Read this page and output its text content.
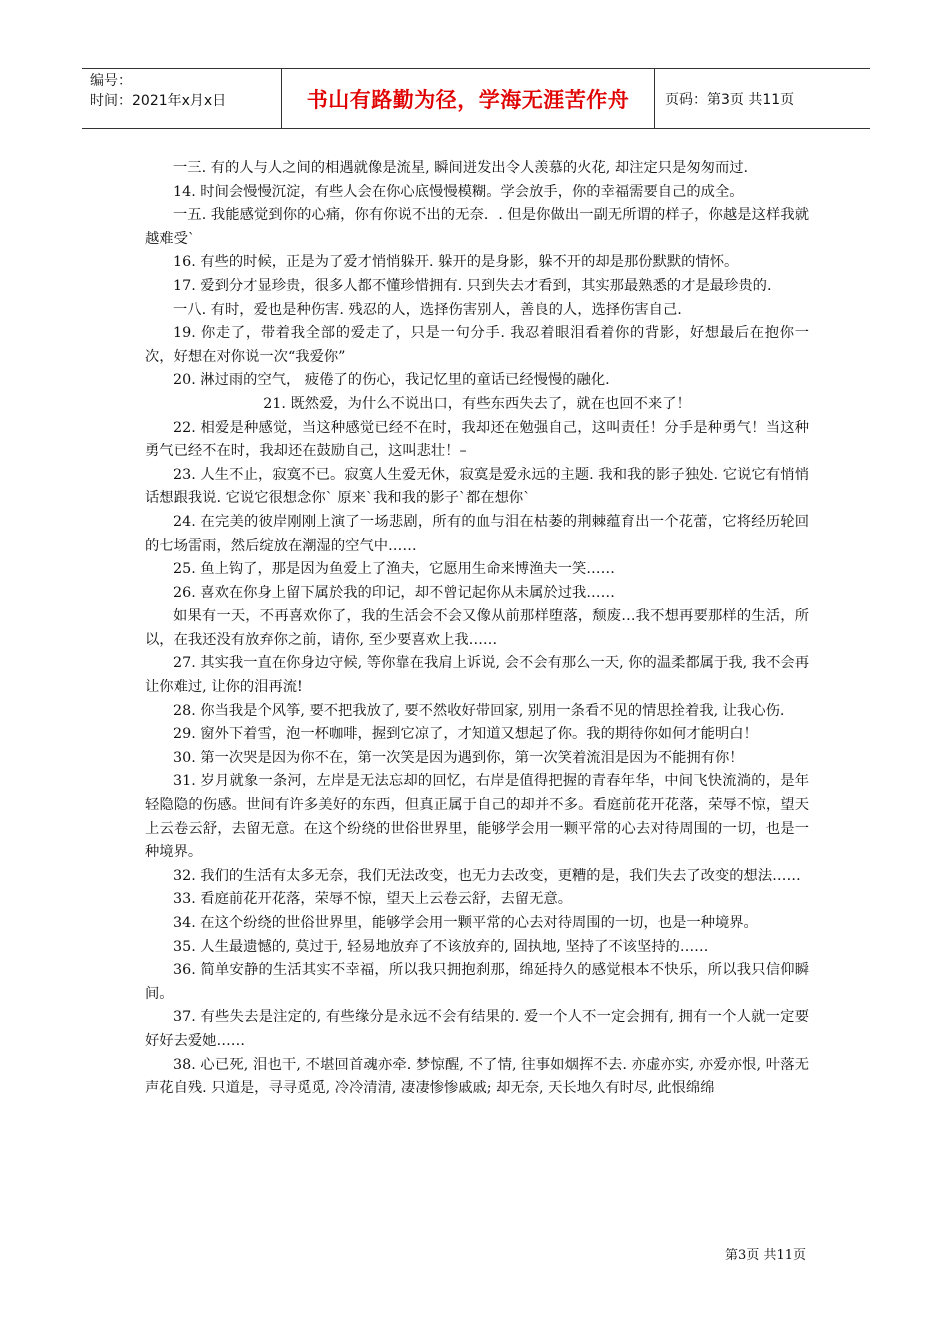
编号：
时间：2021年x月x日	书山有路勤为径，学海无涯苦作舟	页码：第3页 共11页

一三. 有的人与人之间的相遇就像是流星, 瞬间迸发出令人羡慕的火花, 却注定只是匆匆而过.

14. 时间会慢慢沉淀，有些人会在你心底慢慢模糊。学会放手，你的幸福需要自己的成全。

一五. 我能感觉到你的心痛，你有你说不出的无奈．. 但是你做出一副无所谓的样子，你越是这样我就越难受`

16. 有些的时候，正是为了爱才悄悄躲开. 躲开的是身影，躲不开的却是那份默默的情怀。

17. 爱到分才显珍贵，很多人都不懂珍惜拥有. 只到失去才看到，其实那最熟悉的才是最珍贵的.

一八. 有时，爱也是种伤害. 残忍的人，选择伤害别人，善良的人，选择伤害自己.

19. 你走了，带着我全部的爱走了，只是一句分手. 我忍着眼泪看着你的背影，好想最后在抱你一次，好想在对你说一次“我爱你”

20. 淋过雨的空气， 疲倦了的伤心，我记忆里的童话已经慢慢的融化.

21. 既然爱，为什么不说出口，有些东西失去了，就在也回不来了！

22. 相爱是种感觉，当这种感觉已经不在时，我却还在勉强自己，这叫责任！分手是种勇气！当这种勇气已经不在时，我却还在鼓励自己，这叫悲壮！–

23. 人生不止，寂寞不已。寂寞人生爱无休，寂寞是爱永远的主题. 我和我的影子独处. 它说它有悄悄话想跟我说. 它说它很想念你` 原来`我和我的影子`都在想你`

24. 在完美的彼岸刚刚上演了一场悲剧，所有的血与泪在枯萎的荆棘蕴育出一个花蕾，它将经历轮回的七场雷雨，然后绽放在潮湿的空气中……

25. 鱼上钩了，那是因为鱼爱上了渔夫，它愿用生命来博渔夫一笑……

26. 喜欢在你身上留下属於我的印记，却不曾记起你从未属於过我……

如果有一天，不再喜欢你了，我的生活会不会又像从前那样堕落，颓废…我不想再要那样的生活，所以，在我还没有放弃你之前，请你, 至少要喜欢上我……

27. 其实我一直在你身边守候, 等你靠在我肩上诉说, 会不会有那么一天, 你的温柔都属于我, 我不会再让你难过, 让你的泪再流!

28. 你当我是个风筝, 要不把我放了, 要不然收好带回家, 别用一条看不见的情思拴着我, 让我心伤.

29. 窗外下着雪，泡一杯咖啡，握到它凉了，才知道又想起了你。我的期待你如何才能明白！

30. 第一次哭是因为你不在，第一次笑是因为遇到你，第一次笑着流泪是因为不能拥有你！

31. 岁月就象一条河，左岸是无法忘却的回忆，右岸是值得把握的青春年华，中间飞快流淌的，是年轻隐隐的伤感。世间有许多美好的东西，但真正属于自己的却并不多。看庭前花开花落，荣辱不惊，望天上云卷云舒，去留无意。在这个纷绕的世俗世界里，能够学会用一颗平常的心去对待周围的一切，也是一种境界。

32. 我们的生活有太多无奈，我们无法改变，也无力去改变，更糟的是，我们失去了改变的想法……

33. 看庭前花开花落，荣辱不惊，望天上云卷云舒，去留无意。

34. 在这个纷绕的世俗世界里，能够学会用一颗平常的心去对待周围的一切，也是一种境界。

35. 人生最遗憾的, 莫过于, 轻易地放弃了不该放弃的, 固执地, 坚持了不该坚持的……

36. 简单安静的生活其实不幸福，所以我只拥抱刹那，绵延持久的感觉根本不快乐，所以我只信仰瞬间。

37. 有些失去是注定的, 有些缘分是永远不会有结果的. 爱一个人不一定会拥有, 拥有一个人就一定要好好去爱她……

38. 心已死, 泪也干, 不堪回首魂亦牵. 梦惊醒, 不了情, 往事如烟挥不去. 亦虚亦实, 亦爱亦恨, 叶落无声花自残. 只道是，寻寻觅觅, 冷冷清清, 凄凄惨惨戚戚; 却无奈, 天长地久有时尽, 此恨绵绵

第3页 共11页
